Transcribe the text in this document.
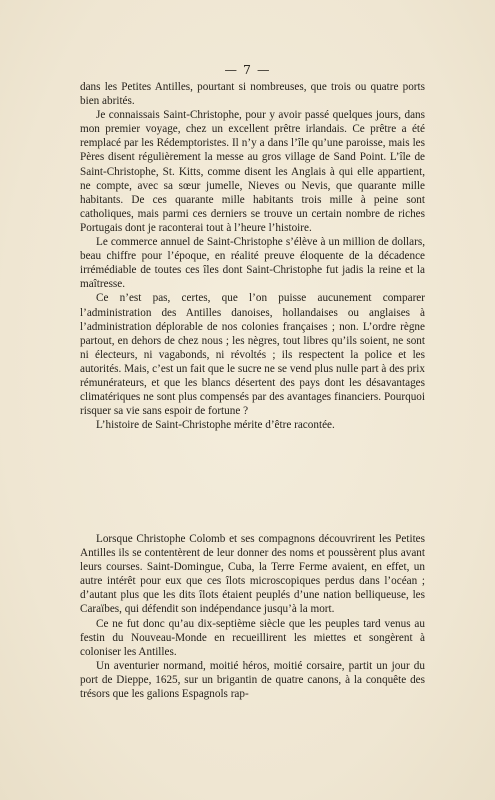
— 7 —

dans les Petites Antilles, pourtant si nombreuses, que trois ou quatre ports bien abrités.

Je connaissais Saint-Christophe, pour y avoir passé quelques jours, dans mon premier voyage, chez un excellent prêtre irlandais. Ce prêtre a été remplacé par les Rédemptoristes. Il n’y a dans l’île qu’une paroisse, mais les Pères disent régulièrement la messe au gros village de Sand Point. L’île de Saint-Christophe, St. Kitts, comme disent les Anglais à qui elle appartient, ne compte, avec sa sœur jumelle, Nieves ou Nevis, que quarante mille habitants. De ces quarante mille habitants trois mille à peine sont catholiques, mais parmi ces derniers se trouve un certain nombre de riches Portugais dont je raconterai tout à l’heure l’histoire.

Le commerce annuel de Saint-Christophe s’élève à un million de dollars, beau chiffre pour l’époque, en réalité preuve éloquente de la décadence irrémédiable de toutes ces îles dont Saint-Christophe fut jadis la reine et la maîtresse.

Ce n’est pas, certes, que l’on puisse aucunement comparer l’administration des Antilles danoises, hollandaises ou anglaises à l’administration déplorable de nos colonies françaises ; non. L’ordre règne partout, en dehors de chez nous ; les nègres, tout libres qu’ils soient, ne sont ni électeurs, ni vagabonds, ni révoltés ; ils respectent la police et les autorités. Mais, c’est un fait que le sucre ne se vend plus nulle part à des prix rémunérateurs, et que les blancs désertent des pays dont les désavantages climatériques ne sont plus compensés par des avantages financiers. Pourquoi risquer sa vie sans espoir de fortune ?

L’histoire de Saint-Christophe mérite d’être racontée.

Lorsque Christophe Colomb et ses compagnons découvrirent les Petites Antilles ils se contentèrent de leur donner des noms et poussèrent plus avant leurs courses. Saint-Domingue, Cuba, la Terre Ferme avaient, en effet, un autre intérêt pour eux que ces îlots microscopiques perdus dans l’océan ; d’autant plus que les dits îlots étaient peuplés d’une nation belliqueuse, les Caraïbes, qui défendit son indépendance jusqu’à la mort.

Ce ne fut donc qu’au dix-septième siècle que les peuples tard venus au festin du Nouveau-Monde en recueillirent les miettes et songèrent à coloniser les Antilles.

Un aventurier normand, moitié héros, moitié corsaire, partit un jour du port de Dieppe, 1625, sur un brigantin de quatre canons, à la conquête des trésors que les galions Espagnols rap-
